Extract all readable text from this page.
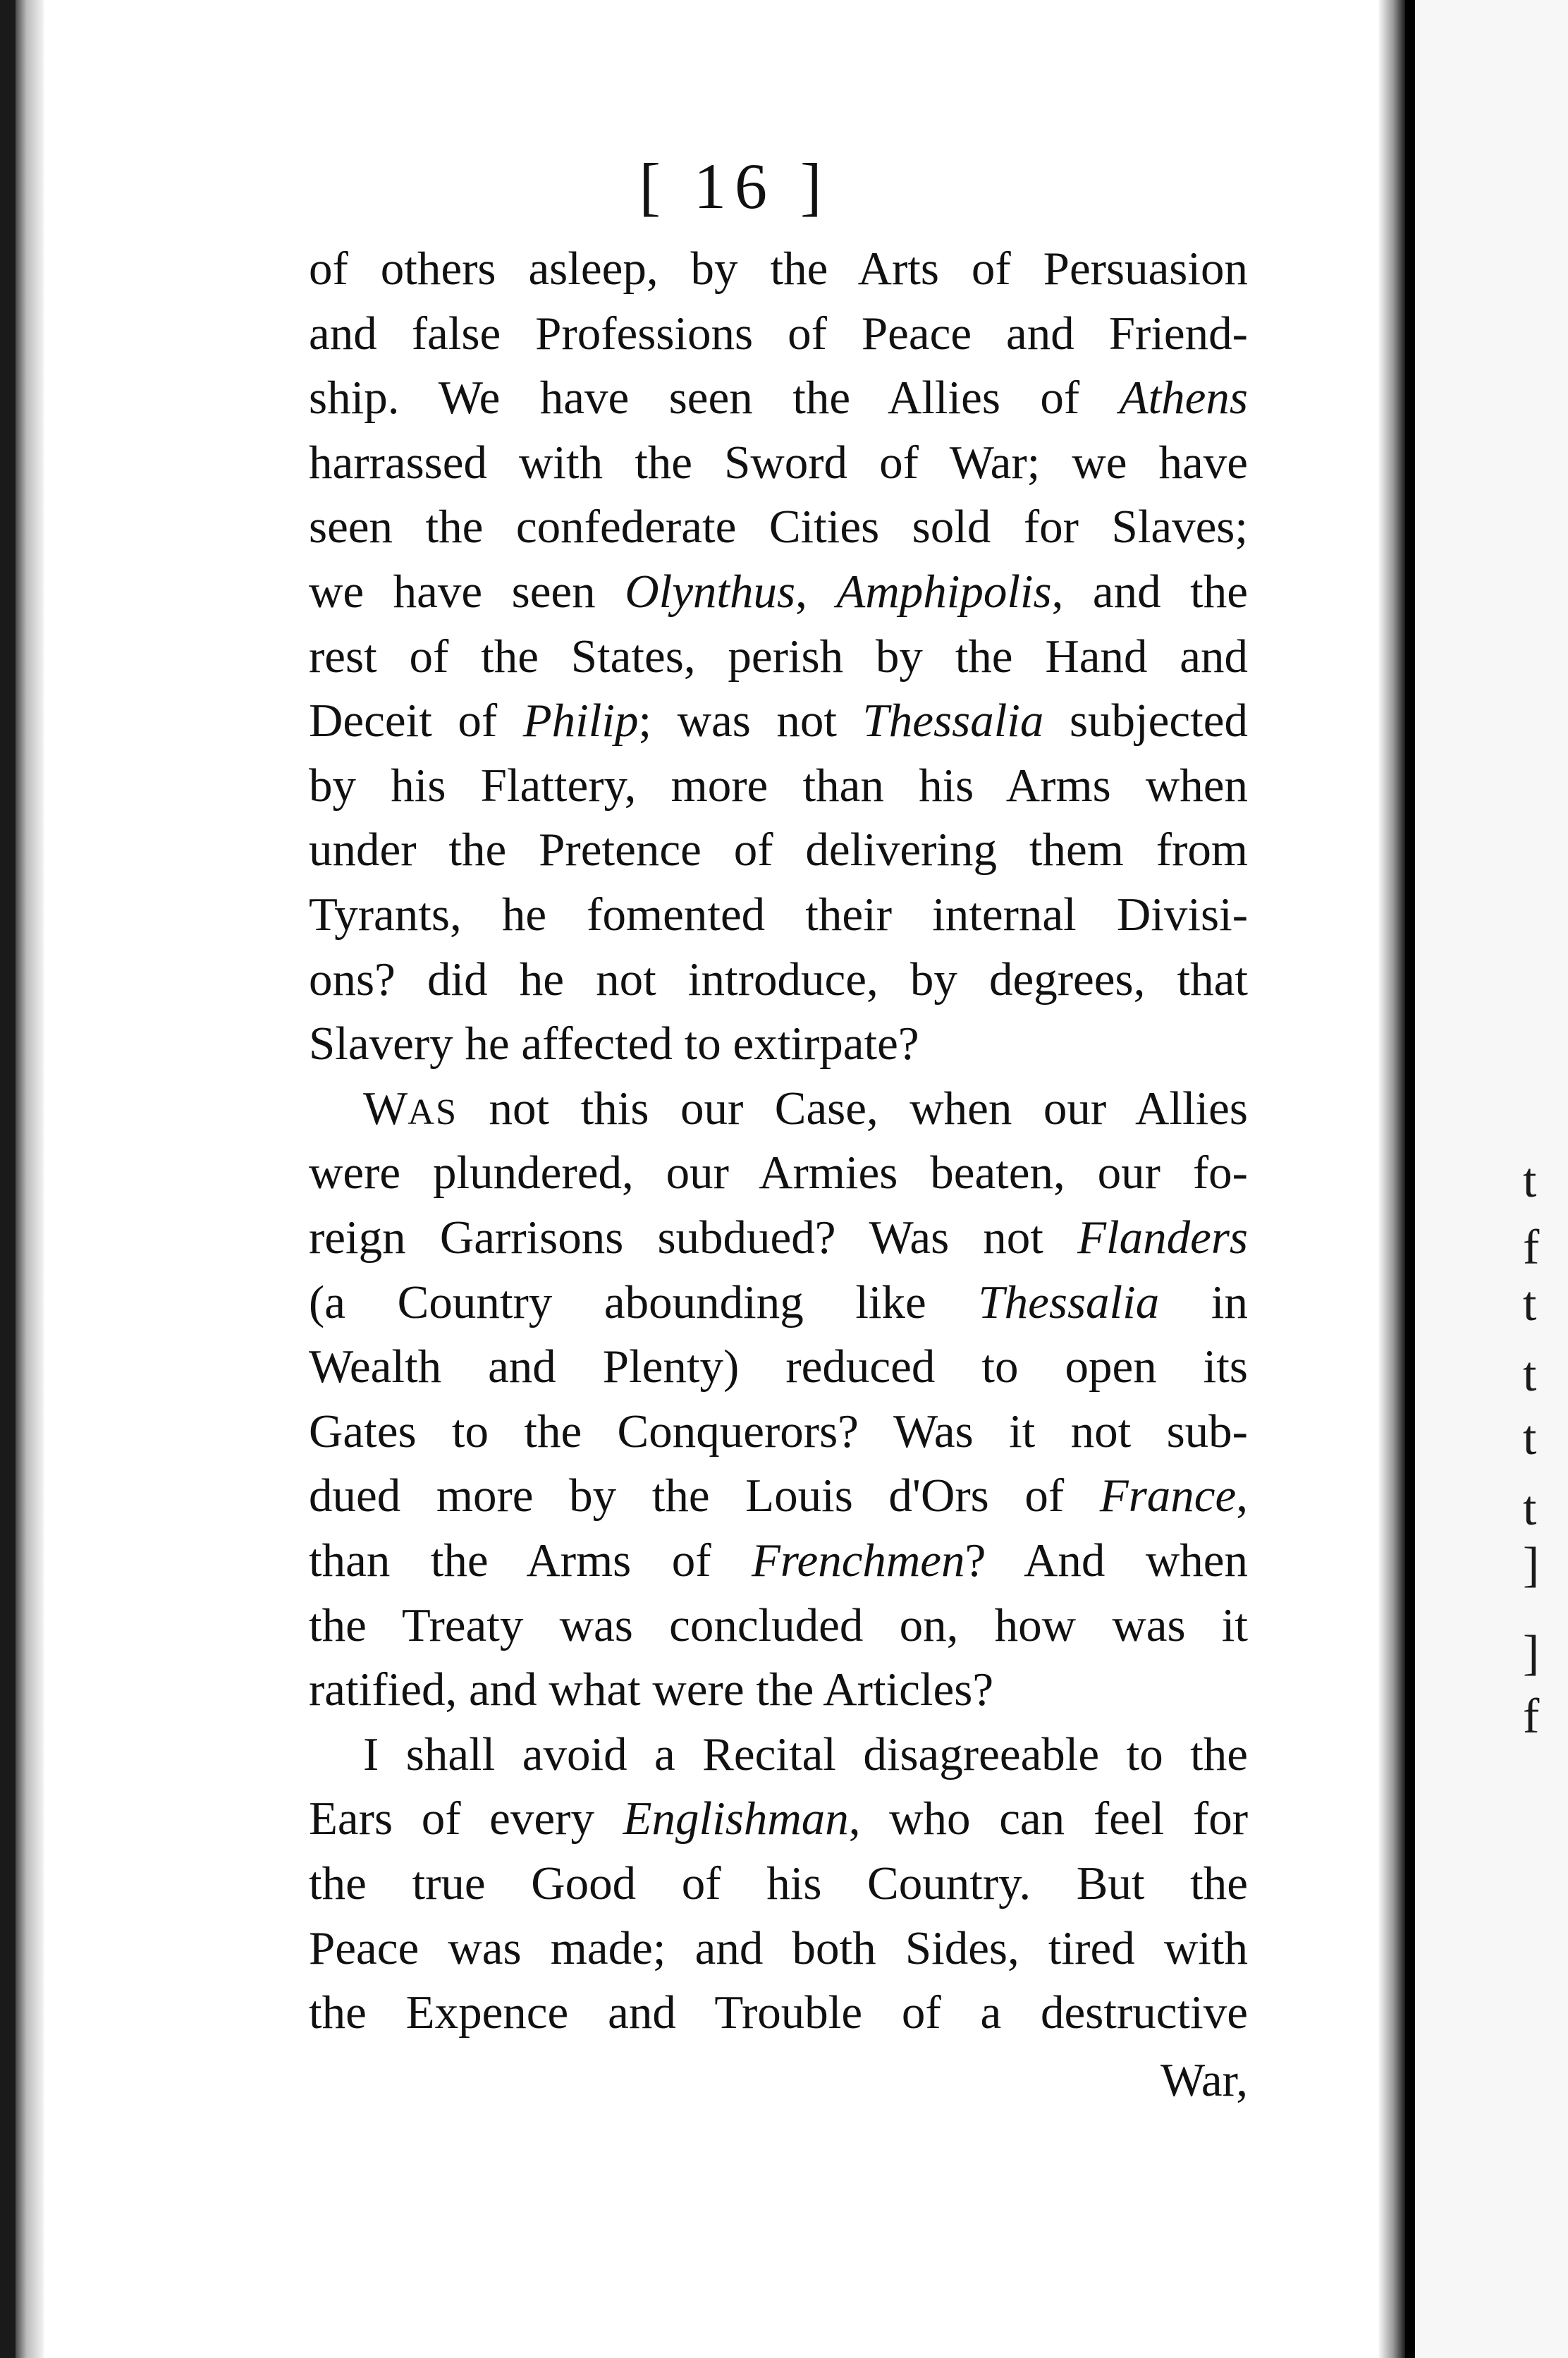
t
f
t
t
t
t
]
]
f
[ 16 ]
of others asleep, by the Arts of Persuasion
and false Professions of Peace and Friend-
ship. We have seen the Allies of Athens
harrassed with the Sword of War; we have
seen the confederate Cities sold for Slaves;
we have seen Olynthus, Amphipolis, and the
rest of the States, perish by the Hand and
Deceit of Philip; was not Thessalia subjected
by his Flattery, more than his Arms when
under the Pretence of delivering them from
Tyrants, he fomented their internal Divisi-
ons? did he not introduce, by degrees, that
Slavery he affected to extirpate?
WAS not this our Case, when our Allies
were plundered, our Armies beaten, our fo-
reign Garrisons subdued? Was not Flanders
(a Country abounding like Thessalia in
Wealth and Plenty) reduced to open its
Gates to the Conquerors? Was it not sub-
dued more by the Louis d'Ors of France,
than the Arms of Frenchmen? And when
the Treaty was concluded on, how was it
ratified, and what were the Articles?
I shall avoid a Recital disagreeable to the
Ears of every Englishman, who can feel for
the true Good of his Country. But the
Peace was made; and both Sides, tired with
the Expence and Trouble of a destructive
War,
